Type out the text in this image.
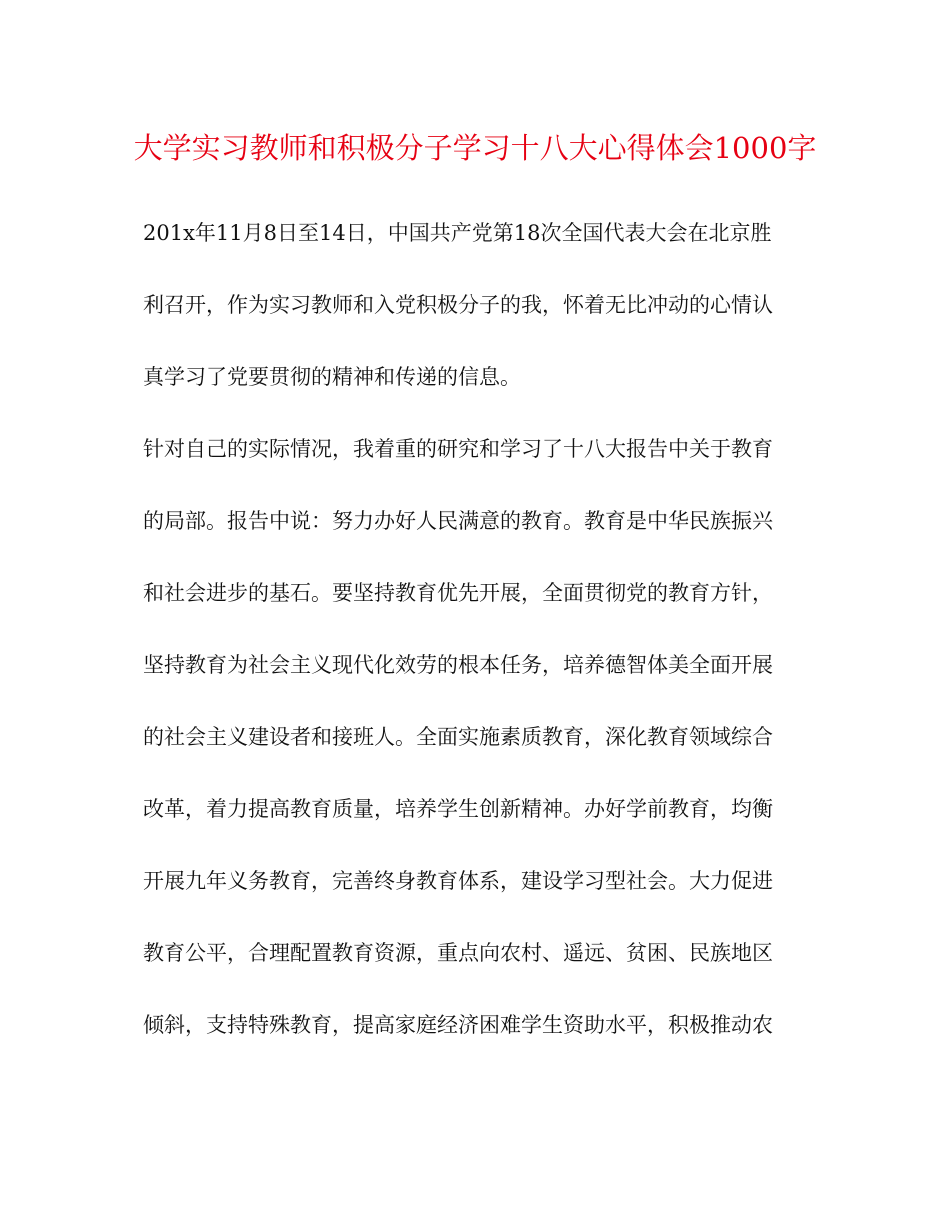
大学实习教师和积极分子学习十八大心得体会1000字
201x年11月8日至14日，中国共产党第18次全国代表大会在北京胜
利召开，作为实习教师和入党积极分子的我，怀着无比冲动的心情认
真学习了党要贯彻的精神和传递的信息。
针对自己的实际情况，我着重的研究和学习了十八大报告中关于教育
的局部。报告中说：努力办好人民满意的教育。教育是中华民族振兴
和社会进步的基石。要坚持教育优先开展，全面贯彻党的教育方针，
坚持教育为社会主义现代化效劳的根本任务，培养德智体美全面开展
的社会主义建设者和接班人。全面实施素质教育，深化教育领域综合
改革，着力提高教育质量，培养学生创新精神。办好学前教育，均衡
开展九年义务教育，完善终身教育体系，建设学习型社会。大力促进
教育公平，合理配置教育资源，重点向农村、遥远、贫困、民族地区
倾斜，支持特殊教育，提高家庭经济困难学生资助水平，积极推动农
